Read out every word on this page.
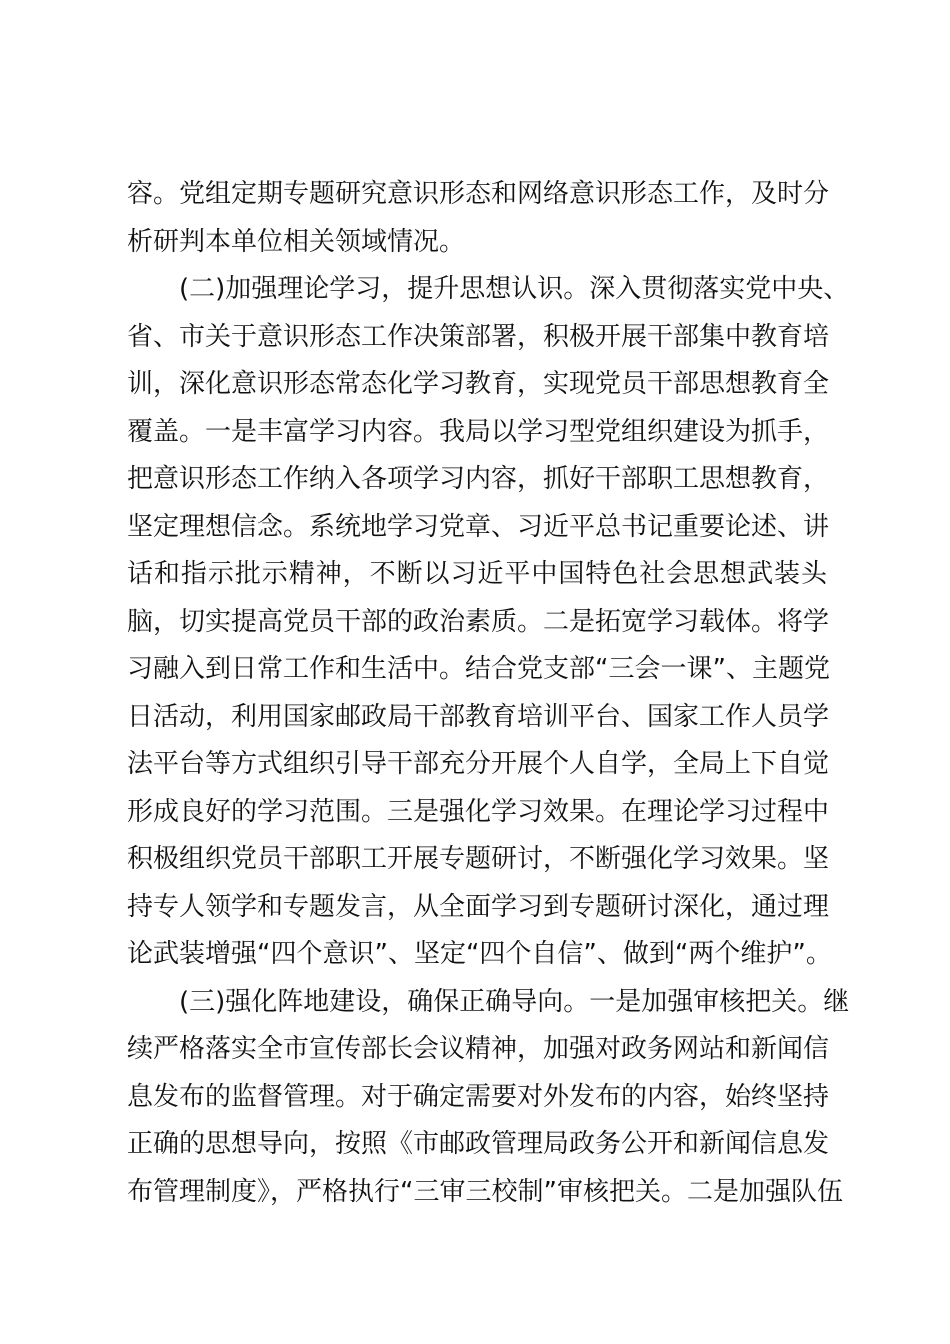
容。党组定期专题研究意识形态和网络意识形态工作，及时分
析研判本单位相关领域情况。
(二)加强理论学习，提升思想认识。深入贯彻落实党中央、
省、市关于意识形态工作决策部署，积极开展干部集中教育培
训，深化意识形态常态化学习教育，实现党员干部思想教育全
覆盖。一是丰富学习内容。我局以学习型党组织建设为抓手，
把意识形态工作纳入各项学习内容，抓好干部职工思想教育，
坚定理想信念。系统地学习党章、习近平总书记重要论述、讲
话和指示批示精神，不断以习近平中国特色社会思想武装头
脑，切实提高党员干部的政治素质。二是拓宽学习载体。将学
习融入到日常工作和生活中。结合党支部“三会一课”、主题党
日活动，利用国家邮政局干部教育培训平台、国家工作人员学
法平台等方式组织引导干部充分开展个人自学，全局上下自觉
形成良好的学习范围。三是强化学习效果。在理论学习过程中
积极组织党员干部职工开展专题研讨，不断强化学习效果。坚
持专人领学和专题发言，从全面学习到专题研讨深化，通过理
论武装增强“四个意识”、坚定“四个自信”、做到“两个维护”。
(三)强化阵地建设，确保正确导向。一是加强审核把关。继
续严格落实全市宣传部长会议精神，加强对政务网站和新闻信
息发布的监督管理。对于确定需要对外发布的内容，始终坚持
正确的思想导向，按照《市邮政管理局政务公开和新闻信息发
布管理制度》，严格执行“三审三校制”审核把关。二是加强队伍
